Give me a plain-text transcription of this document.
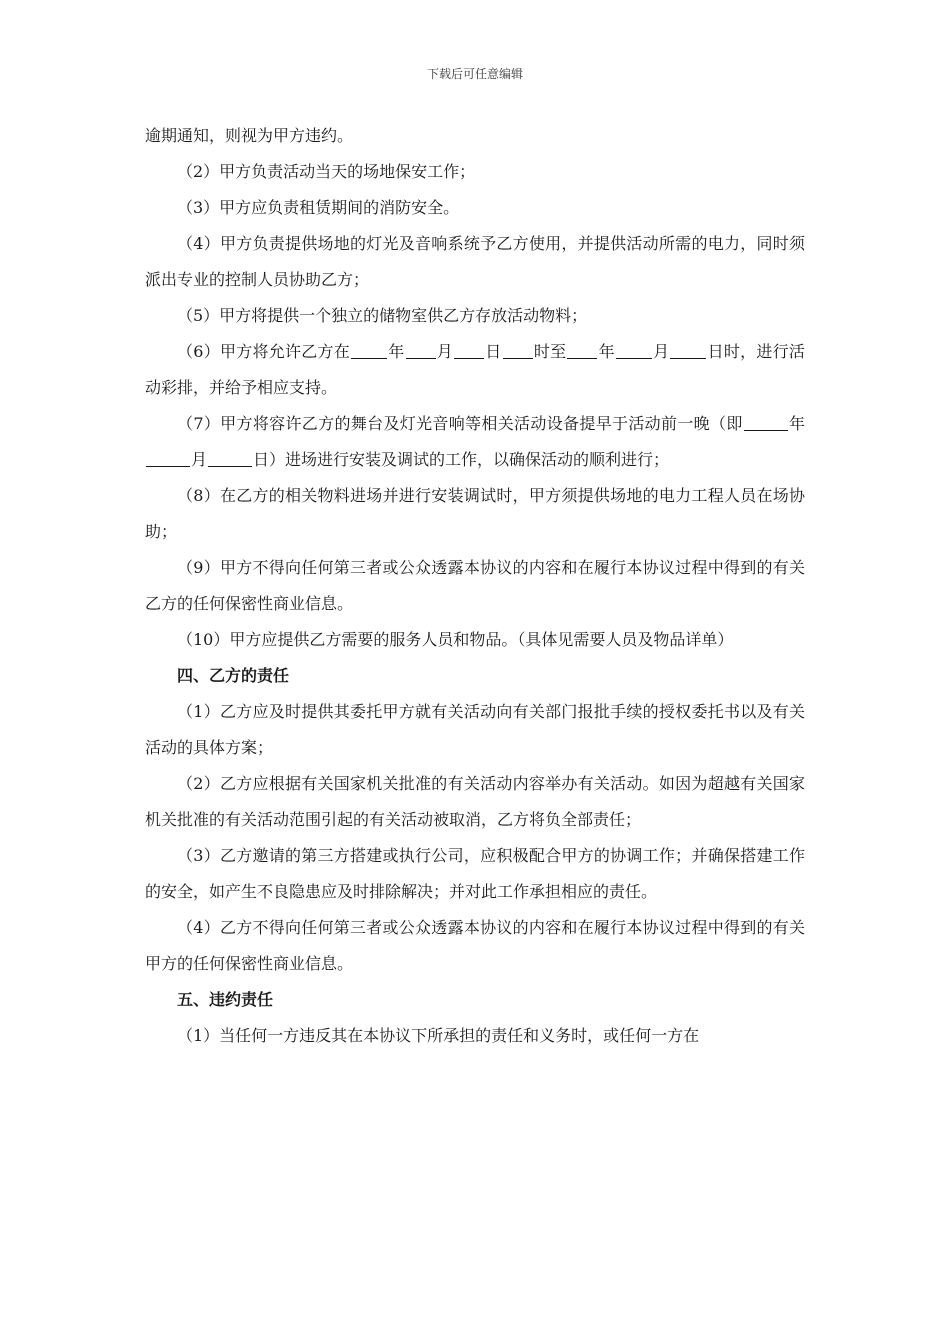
下载后可任意编辑

逾期通知，则视为甲方违约。

（2）甲方负责活动当天的场地保安工作；

（3）甲方应负责租赁期间的消防安全。

（4）甲方负责提供场地的灯光及音响系统予乙方使用，并提供活动所需的电力，同时须派出专业的控制人员协助乙方；

（5）甲方将提供一个独立的储物室供乙方存放活动物料；

（6）甲方将允许乙方在 年 月 日 时至 年 月 日时，进行活动彩排，并给予相应支持。

（7）甲方将容许乙方的舞台及灯光音响等相关活动设备提早于活动前一晚（即	年月	日）进场进行安装及调试的工作，以确保活动的顺利进行；

（8）在乙方的相关物料进场并进行安装调试时，甲方须提供场地的电力工程人员在场协助；

（9）甲方不得向任何第三者或公众透露本协议的内容和在履行本协议过程中得到的有关乙方的任何保密性商业信息。

（10）甲方应提供乙方需要的服务人员和物品。（具体见需要人员及物品详单）

四、乙方的责任

（1）乙方应及时提供其委托甲方就有关活动向有关部门报批手续的授权委托书以及有关活动的具体方案；

（2）乙方应根据有关国家机关批准的有关活动内容举办有关活动。如因为超越有关国家机关批准的有关活动范围引起的有关活动被取消，乙方将负全部责任；

（3）乙方邀请的第三方搭建或执行公司，应积极配合甲方的协调工作；并确保搭建工作的安全，如产生不良隐患应及时排除解决；并对此工作承担相应的责任。

（4）乙方不得向任何第三者或公众透露本协议的内容和在履行本协议过程中得到的有关甲方的任何保密性商业信息。

五、违约责任

（1）当任何一方违反其在本协议下所承担的责任和义务时，或任何一方在
